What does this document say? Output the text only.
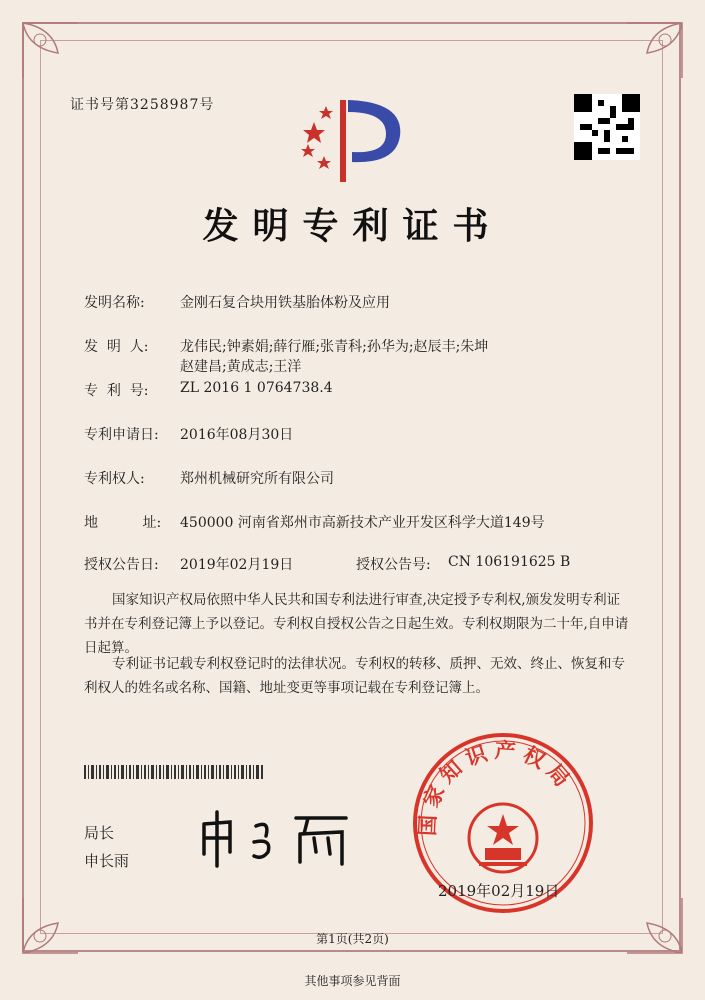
证书号第3258987号
发明专利证书
发明名称:	金刚石复合块用铁基胎体粉及应用
发  明  人: 龙伟民;钟素娟;薛行雁;张青科;孙华为;赵辰丰;朱坤
赵建昌;黄成志;王洋
专  利  号: ZL 2016 1 0764738.4
专利申请日: 2016年08月30日
专利权人:	郑州机械研究所有限公司
地          址: 450000 河南省郑州市高新技术产业开发区科学大道149号
授权公告日: 2019年02月19日	授权公告号: CN 106191625 B
国家知识产权局依照中华人民共和国专利法进行审查,决定授予专利权,颁发发明专利证书并在专利登记簿上予以登记。专利权自授权公告之日起生效。专利权期限为二十年,自申请日起算。
专利证书记载专利权登记时的法律状况。专利权的转移、质押、无效、终止、恢复和专利权人的姓名或名称、国籍、地址变更等事项记载在专利登记簿上。
局长
申长雨
国家知识产权局
2019年02月19日
第1页(共2页)
其他事项参见背面
